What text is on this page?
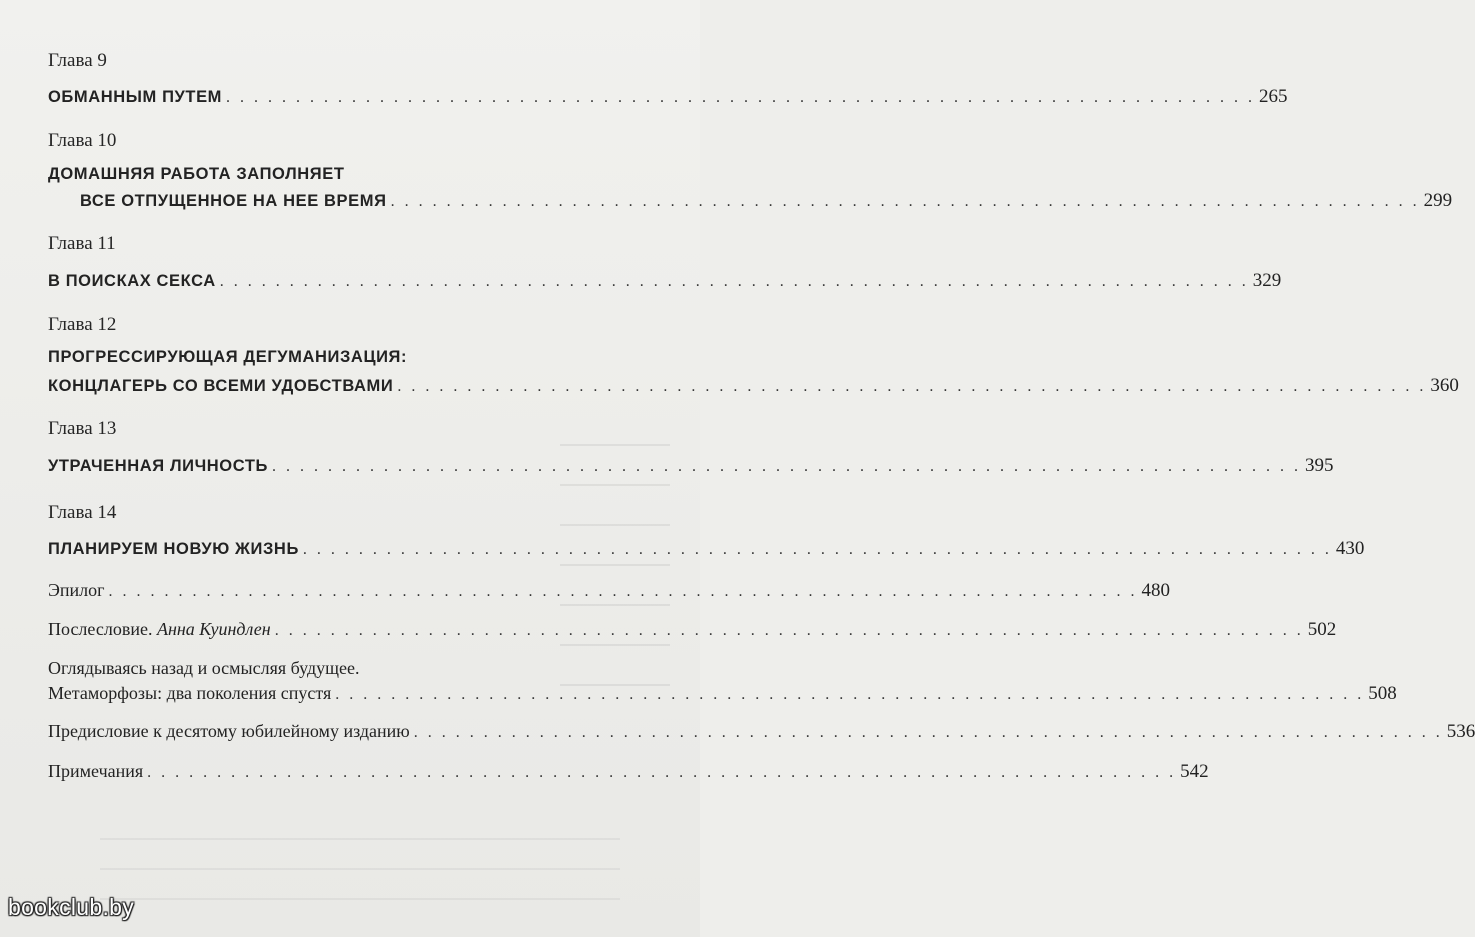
Глава 9
ОБМАННЫМ ПУТЕМ . . . . . . . . . . . . . . . . . . . . . . . . . . . . . . . . . . . . . . . . . . . . . . . . . . . . . . . . . . . . . . . . . . . . . . . . . . 265
Глава 10
ДОМАШНЯЯ РАБОТА ЗАПОЛНЯЕТ
ВСЕ ОТПУЩЕННОЕ НА НЕЕ ВРЕМЯ . . . . . . . . . . . . . . . . . . . . . . . . . . . . . . . . . . . . . . . . . . . . . . . . . . . . . . . . . . . . . . . . . . . . . . . . . . 299
Глава 11
В ПОИСКАХ СЕКСА . . . . . . . . . . . . . . . . . . . . . . . . . . . . . . . . . . . . . . . . . . . . . . . . . . . . . . . . . . . . . . . . . . . . . . . . . . 329
Глава 12
ПРОГРЕССИРУЮЩАЯ ДЕГУМАНИЗАЦИЯ:
КОНЦЛАГЕРЬ СО ВСЕМИ УДОБСТВАМИ . . . . . . . . . . . . . . . . . . . . . . . . . . . . . . . . . . . . . . . . . . . . . . . . . . . . . . . . . . . . . . . . . . . . . . . . . . 360
Глава 13
УТРАЧЕННАЯ ЛИЧНОСТЬ . . . . . . . . . . . . . . . . . . . . . . . . . . . . . . . . . . . . . . . . . . . . . . . . . . . . . . . . . . . . . . . . . . . . . . . . . . 395
Глава 14
ПЛАНИРУЕМ НОВУЮ ЖИЗНЬ . . . . . . . . . . . . . . . . . . . . . . . . . . . . . . . . . . . . . . . . . . . . . . . . . . . . . . . . . . . . . . . . . . . . . . . . . . 430
Эпилог . . . . . . . . . . . . . . . . . . . . . . . . . . . . . . . . . . . . . . . . . . . . . . . . . . . . . . . . . . . . . . . . . . . . . . . . . . 480
Послесловие. Анна Куиндлен . . . . . . . . . . . . . . . . . . . . . . . . . . . . . . . . . . . . . . . . . . . . . . . . . . . . . . . . . . . . . . . . . . . . . . . . . . 502
Оглядываясь назад и осмысляя будущее.
Метаморфозы: два поколения спустя . . . . . . . . . . . . . . . . . . . . . . . . . . . . . . . . . . . . . . . . . . . . . . . . . . . . . . . . . . . . . . . . . . . . . . . . . . 508
Предисловие к десятому юбилейному изданию . . . . . . . . . . . . . . . . . . . . . . . . . . . . . . . . . . . . . . . . . . . . . . . . . . . . . . . . . . . . . . . . . . . . . . . . . . 536
Примечания . . . . . . . . . . . . . . . . . . . . . . . . . . . . . . . . . . . . . . . . . . . . . . . . . . . . . . . . . . . . . . . . . . . . . . . . . . 542
bookclub.by
